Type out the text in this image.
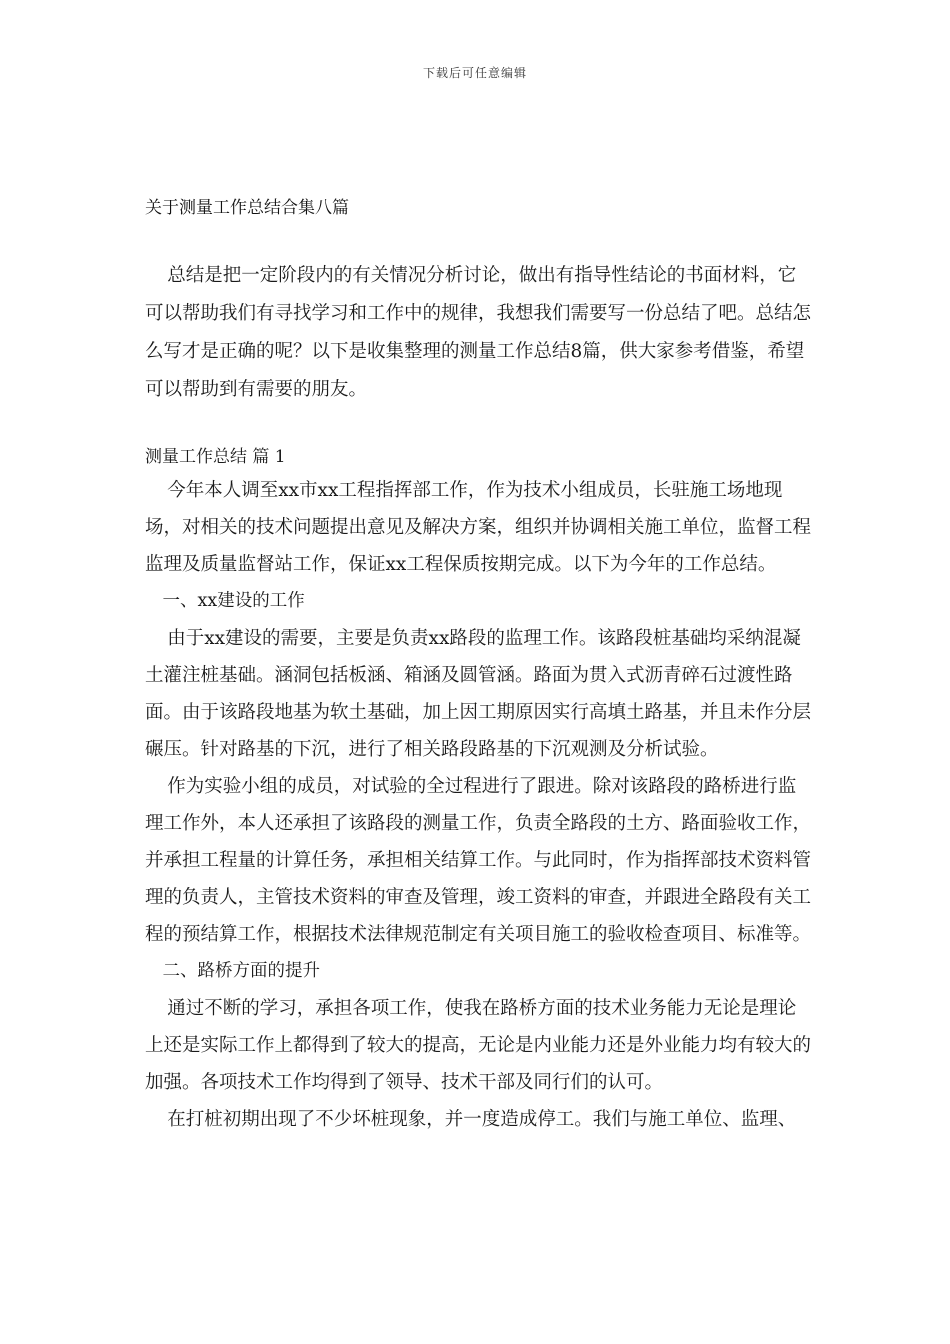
下载后可任意编辑
关于测量工作总结合集八篇

总结是把一定阶段内的有关情况分析讨论，做出有指导性结论的书面材料，它可以帮助我们有寻找学习和工作中的规律，我想我们需要写一份总结了吧。总结怎么写才是正确的呢？以下是收集整理的测量工作总结8篇，供大家参考借鉴，希望可以帮助到有需要的朋友。

测量工作总结 篇 1

今年本人调至xx市xx工程指挥部工作，作为技术小组成员，长驻施工场地现场，对相关的技术问题提出意见及解决方案，组织并协调相关施工单位，监督工程监理及质量监督站工作，保证xx工程保质按期完成。以下为今年的工作总结。

一、xx建设的工作

由于xx建设的需要，主要是负责xx路段的监理工作。该路段桩基础均采纳混凝土灌注桩基础。涵洞包括板涵、箱涵及圆管涵。路面为贯入式沥青碎石过渡性路面。由于该路段地基为软土基础，加上因工期原因实行高填土路基，并且未作分层碾压。针对路基的下沉，进行了相关路段路基的下沉观测及分析试验。

作为实验小组的成员，对试验的全过程进行了跟进。除对该路段的路桥进行监理工作外，本人还承担了该路段的测量工作，负责全路段的土方、路面验收工作，并承担工程量的计算任务，承担相关结算工作。与此同时，作为指挥部技术资料管理的负责人，主管技术资料的审查及管理，竣工资料的审查，并跟进全路段有关工程的预结算工作，根据技术法律规范制定有关项目施工的验收检查项目、标准等。

二、路桥方面的提升

通过不断的学习，承担各项工作，使我在路桥方面的技术业务能力无论是理论上还是实际工作上都得到了较大的提高，无论是内业能力还是外业能力均有较大的加强。各项技术工作均得到了领导、技术干部及同行们的认可。

在打桩初期出现了不少坏桩现象，并一度造成停工。我们与施工单位、监理、
